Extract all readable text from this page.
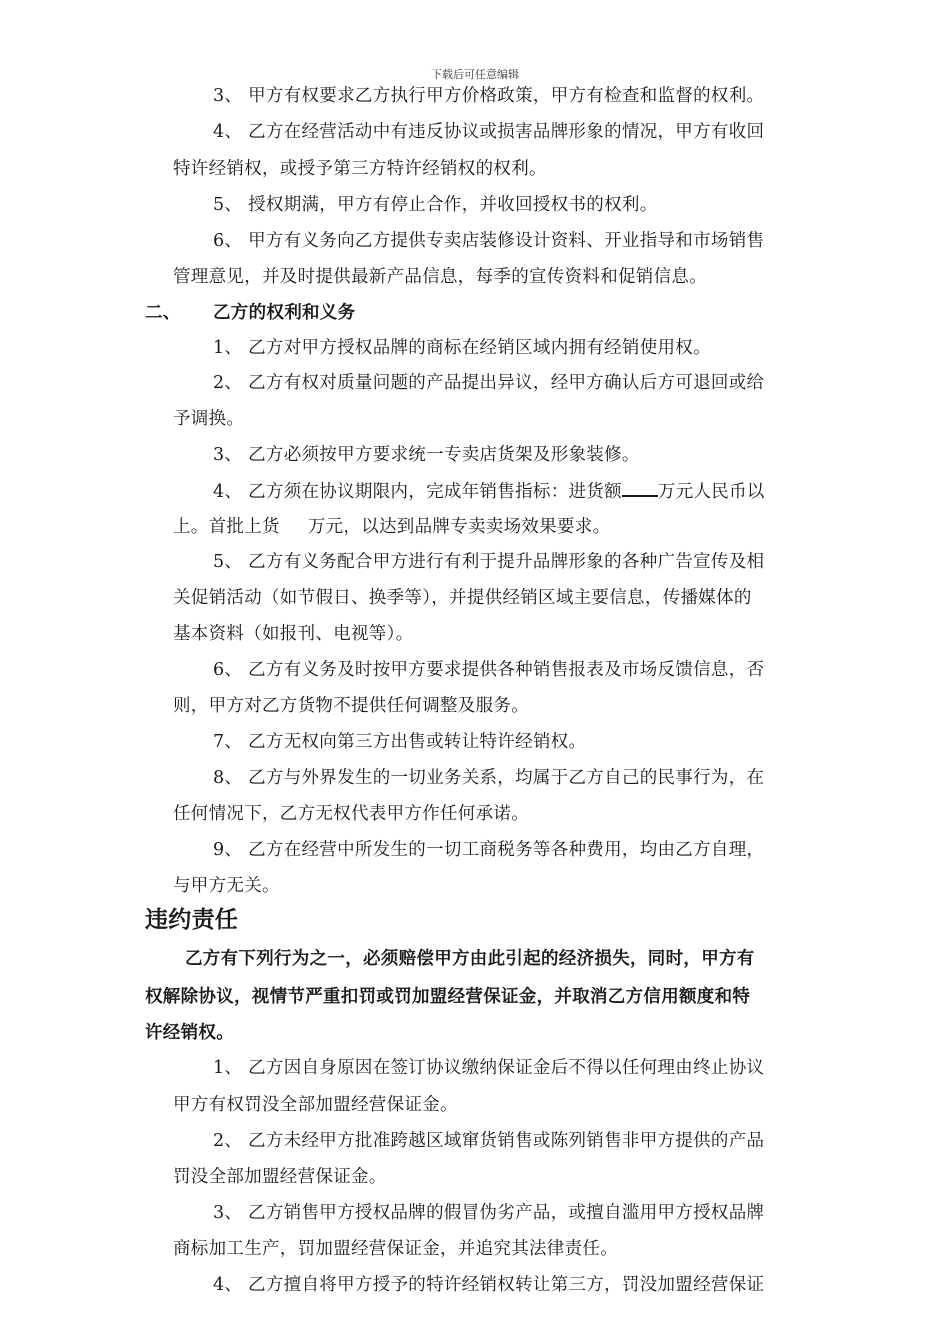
下载后可任意编辑
3、 甲方有权要求乙方执行甲方价格政策，甲方有检查和监督的权利。
4、 乙方在经营活动中有违反协议或损害品牌形象的情况，甲方有收回
特许经销权，或授予第三方特许经销权的权利。
5、 授权期满，甲方有停止合作，并收回授权书的权利。
6、 甲方有义务向乙方提供专卖店装修设计资料、开业指导和市场销售
管理意见，并及时提供最新产品信息，每季的宣传资料和促销信息。
二、 乙方的权利和义务
1、 乙方对甲方授权品牌的商标在经销区域内拥有经销使用权。
2、 乙方有权对质量问题的产品提出异议，经甲方确认后方可退回或给
予调换。
3、 乙方必须按甲方要求统一专卖店货架及形象装修。
4、 乙方须在协议期限内，完成年销售指标：进货额 万元人民币以
上。首批上货 万元，以达到品牌专卖卖场效果要求。
5、 乙方有义务配合甲方进行有利于提升品牌形象的各种广告宣传及相
关促销活动（如节假日、换季等），并提供经销区域主要信息，传播媒体的
基本资料（如报刊、电视等）。
6、 乙方有义务及时按甲方要求提供各种销售报表及市场反馈信息，否
则，甲方对乙方货物不提供任何调整及服务。
7、 乙方无权向第三方出售或转让特许经销权。
8、 乙方与外界发生的一切业务关系，均属于乙方自己的民事行为，在
任何情况下，乙方无权代表甲方作任何承诺。
9、 乙方在经营中所发生的一切工商税务等各种费用，均由乙方自理，
与甲方无关。
违约责任
乙方有下列行为之一，必须赔偿甲方由此引起的经济损失，同时，甲方有
权解除协议，视情节严重扣罚或罚加盟经营保证金，并取消乙方信用额度和特
许经销权。
1、 乙方因自身原因在签订协议缴纳保证金后不得以任何理由终止协议
甲方有权罚没全部加盟经营保证金。
2、 乙方未经甲方批准跨越区域窜货销售或陈列销售非甲方提供的产品
罚没全部加盟经营保证金。
3、 乙方销售甲方授权品牌的假冒伪劣产品，或擅自滥用甲方授权品牌
商标加工生产，罚加盟经营保证金，并追究其法律责任。
4、 乙方擅自将甲方授予的特许经销权转让第三方，罚没加盟经营保证
